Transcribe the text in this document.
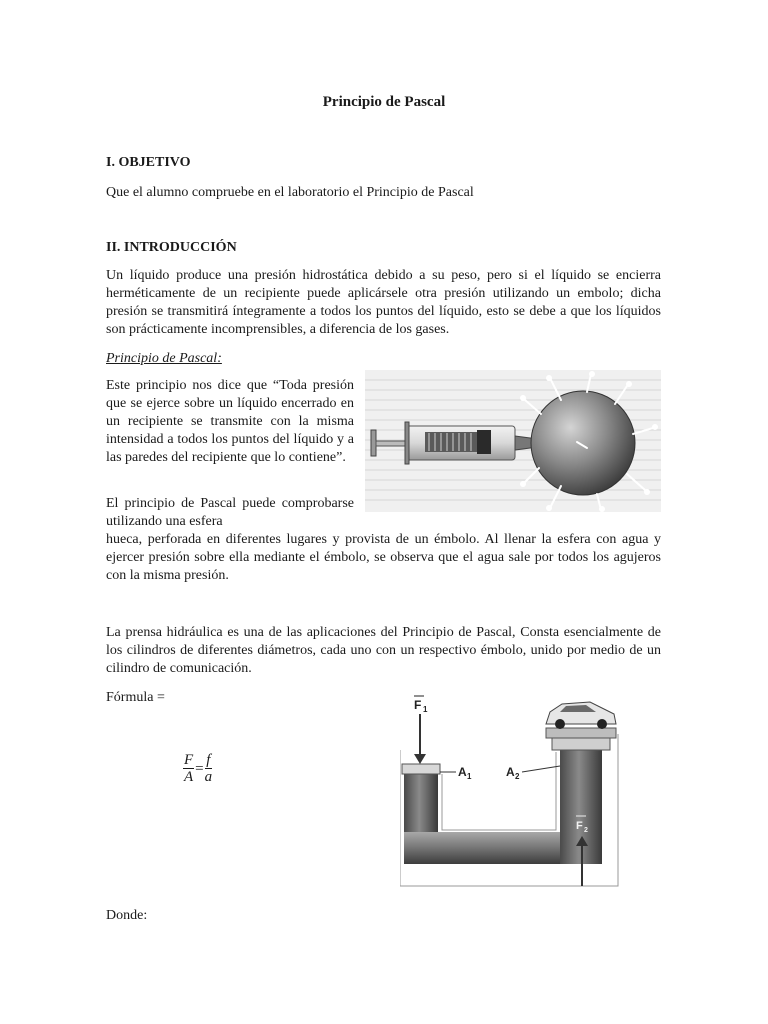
Principio de Pascal
I. OBJETIVO
Que el alumno compruebe en el laboratorio el Principio de Pascal
II. INTRODUCCIÓN
Un líquido produce una presión hidrostática debido a su peso, pero si el líquido se encierra herméticamente de un recipiente puede aplicársele otra presión utilizando un embolo; dicha presión se transmitirá íntegramente a todos los puntos del líquido, esto se debe a que los líquidos son prácticamente incomprensibles, a diferencia de los gases.
Principio de Pascal:
Este principio nos dice que “Toda presión que se ejerce sobre un líquido encerrado en un recipiente se transmite con la misma intensidad a todos los puntos del líquido y a las paredes del recipiente que lo contiene”.
El principio de Pascal puede comprobarse utilizando una esfera
hueca, perforada en diferentes lugares y provista de un émbolo. Al llenar la esfera con agua y ejercer presión sobre ella mediante el émbolo, se observa que el agua sale por todos los agujeros con la misma presión.
La prensa hidráulica es una de las aplicaciones del Principio de Pascal, Consta esencialmente de los cilindros de diferentes diámetros, cada uno con un respectivo émbolo, unido por medio de un cilindro de comunicación.
Fórmula =
$\frac{F}{A} = \frac{f}{a}$
F 1
A 1	A 2
F 2
Donde:
